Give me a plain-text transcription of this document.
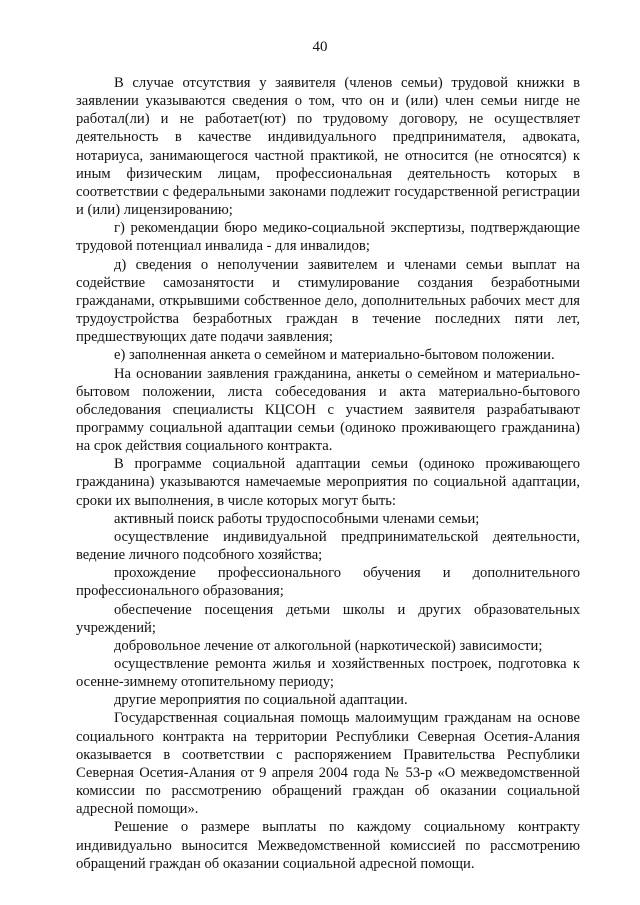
40

В случае отсутствия у заявителя (членов семьи) трудовой книжки в заявлении указываются сведения о том, что он и (или) член семьи нигде не работал(ли) и не работает(ют) по трудовому договору, не осуществляет деятельность в качестве индивидуального предпринимателя, адвоката, нотариуса, занимающегося частной практикой, не относится (не относятся) к иным физическим лицам, профессиональная деятельность которых в соответствии с федеральными законами подлежит государственной регистрации и (или) лицензированию;

г) рекомендации бюро медико-социальной экспертизы, подтверждающие трудовой потенциал инвалида - для инвалидов;

д) сведения о неполучении заявителем и членами семьи выплат на содействие самозанятости и стимулирование создания безработными гражданами, открывшими собственное дело, дополнительных рабочих мест для трудоустройства безработных граждан в течение последних пяти лет, предшествующих дате подачи заявления;

е) заполненная анкета о семейном и материально-бытовом положении.

На основании заявления гражданина, анкеты о семейном и материально-бытовом положении, листа собеседования и акта материально-бытового обследования специалисты КЦСОН с участием заявителя разрабатывают программу социальной адаптации семьи (одиноко проживающего гражданина) на срок действия социального контракта.

В программе социальной адаптации семьи (одиноко проживающего гражданина) указываются намечаемые мероприятия по социальной адаптации, сроки их выполнения, в числе которых могут быть:

активный поиск работы трудоспособными членами семьи;

осуществление индивидуальной предпринимательской деятельности, ведение личного подсобного хозяйства;

прохождение профессионального обучения и дополнительного профессионального образования;

обеспечение посещения детьми школы и других образовательных учреждений;

добровольное лечение от алкогольной (наркотической) зависимости;

осуществление ремонта жилья и хозяйственных построек, подготовка к осенне-зимнему отопительному периоду;

другие мероприятия по социальной адаптации.

Государственная социальная помощь малоимущим гражданам на основе социального контракта на территории Республики Северная Осетия-Алания оказывается в соответствии с распоряжением Правительства Республики Северная Осетия-Алания от 9 апреля 2004 года № 53-р «О межведомственной комиссии по рассмотрению обращений граждан об оказании социальной адресной помощи».

Решение о размере выплаты по каждому социальному контракту индивидуально выносится Межведомственной комиссией по рассмотрению обращений граждан об оказании социальной адресной помощи.
